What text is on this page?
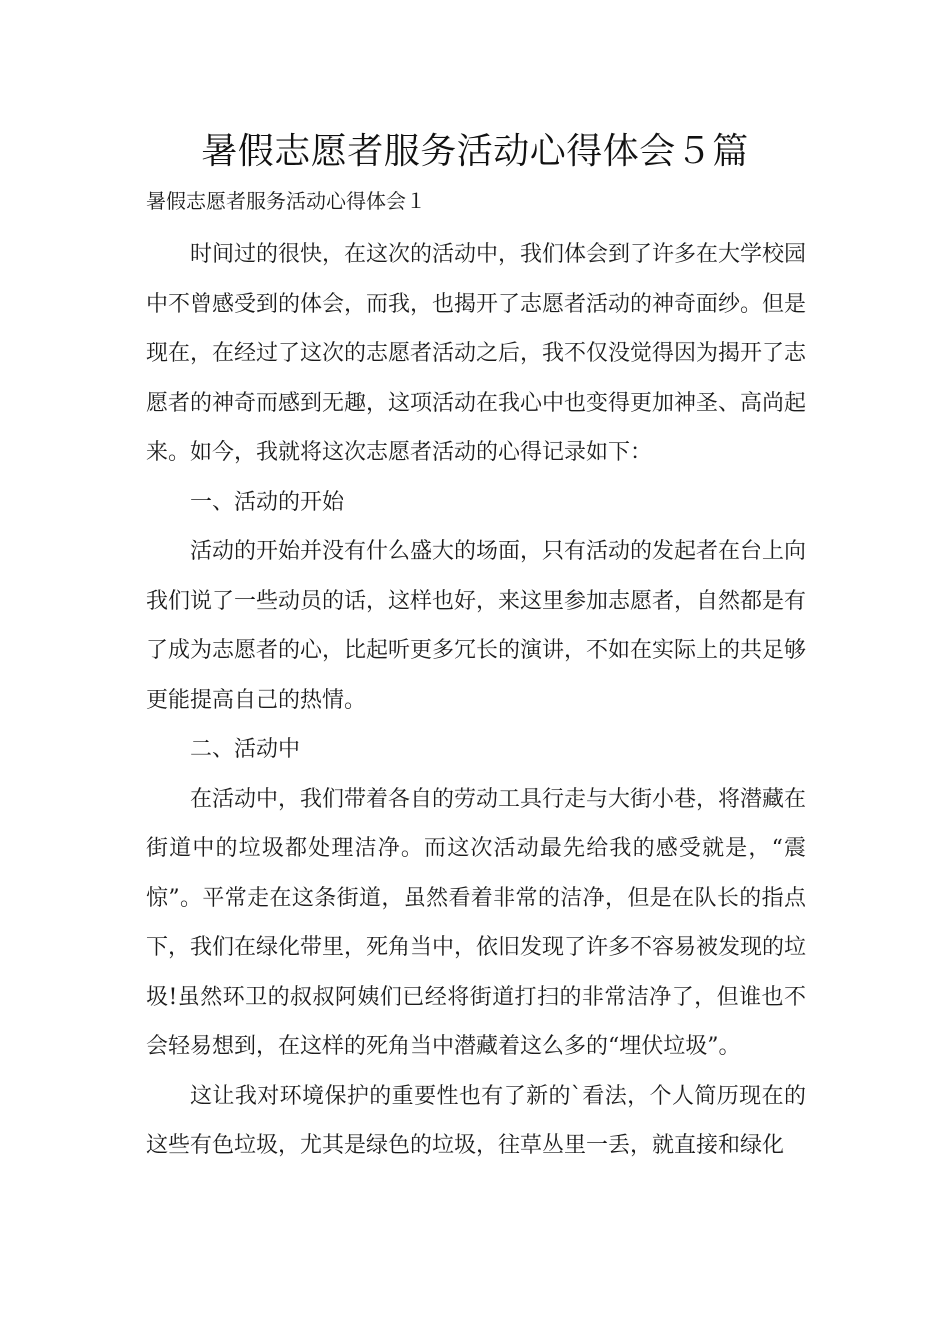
暑假志愿者服务活动心得体会５篇

暑假志愿者服务活动心得体会１

时间过的很快，在这次的活动中，我们体会到了许多在大学校园中不曾感受到的体会，而我，也揭开了志愿者活动的神奇面纱。但是现在，在经过了这次的志愿者活动之后，我不仅没觉得因为揭开了志愿者的神奇而感到无趣，这项活动在我心中也变得更加神圣、高尚起来。如今，我就将这次志愿者活动的心得记录如下：

一、活动的开始

活动的开始并没有什么盛大的场面，只有活动的发起者在台上向我们说了一些动员的话，这样也好，来这里参加志愿者，自然都是有了成为志愿者的心，比起听更多冗长的演讲，不如在实际上的共足够更能提高自己的热情。

二、活动中

在活动中，我们带着各自的劳动工具行走与大街小巷，将潜藏在街道中的垃圾都处理洁净。而这次活动最先给我的感受就是，“震惊”。平常走在这条街道，虽然看着非常的洁净，但是在队长的指点下，我们在绿化带里，死角当中，依旧发现了许多不容易被发现的垃圾!虽然环卫的叔叔阿姨们已经将街道打扫的非常洁净了，但谁也不会轻易想到，在这样的死角当中潜藏着这么多的“埋伏垃圾”。

这让我对环境保护的重要性也有了新的`看法，个人简历现在的这些有色垃圾，尤其是绿色的垃圾，往草丛里一丢，就直接和绿化
